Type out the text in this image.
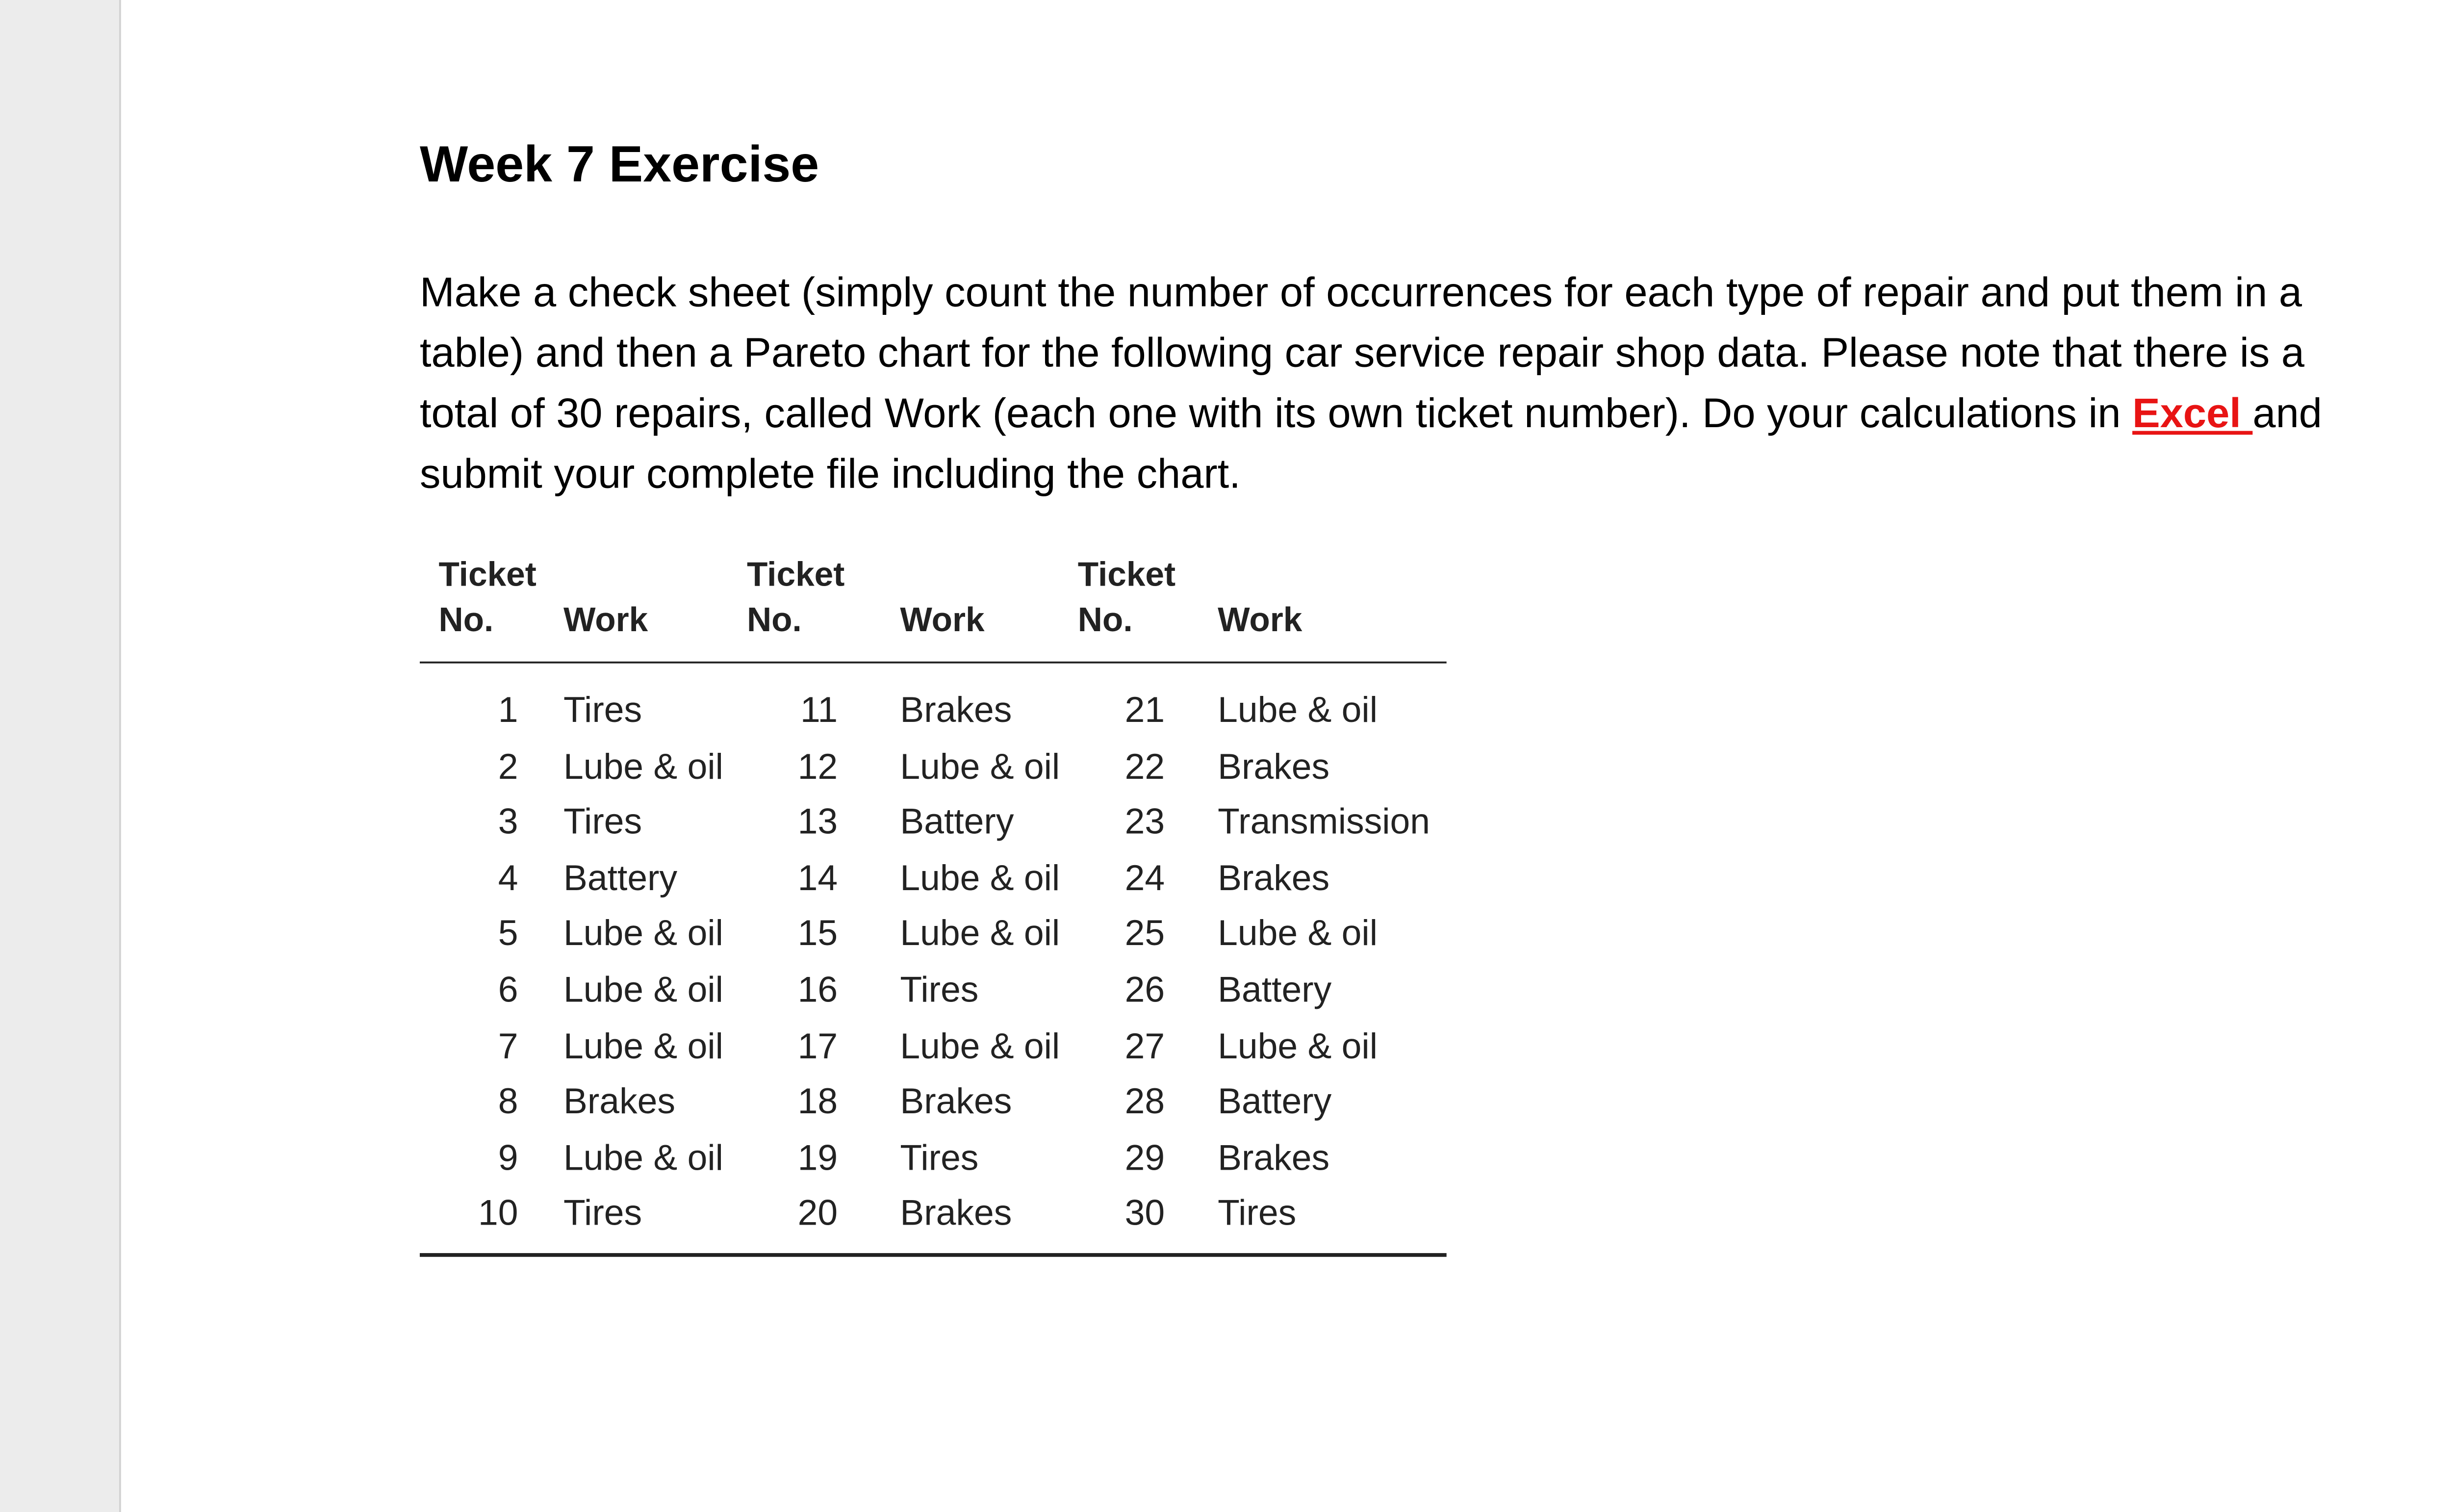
Week 7 Exercise
Make a check sheet (simply count the number of occurrences for each type of repair and put them in a table) and then a Pareto chart for the following car service repair shop data. Please note that there is a total of 30 repairs, called Work (each one with its own ticket number). Do your calculations in Excel and submit your complete file including the chart.
Ticket
No.	Work
Ticket
No.	Work
Ticket
No.	Work
1	Tires	11	Brakes	21	Lube & oil
2	Lube & oil	12	Lube & oil	22	Brakes
3	Tires	13	Battery	23	Transmission
4	Battery	14	Lube & oil	24	Brakes
5	Lube & oil	15	Lube & oil	25	Lube & oil
6	Lube & oil	16	Tires	26	Battery
7	Lube & oil	17	Lube & oil	27	Lube & oil
8	Brakes	18	Brakes	28	Battery
9	Lube & oil	19	Tires	29	Brakes
10	Tires	20	Brakes	30	Tires
